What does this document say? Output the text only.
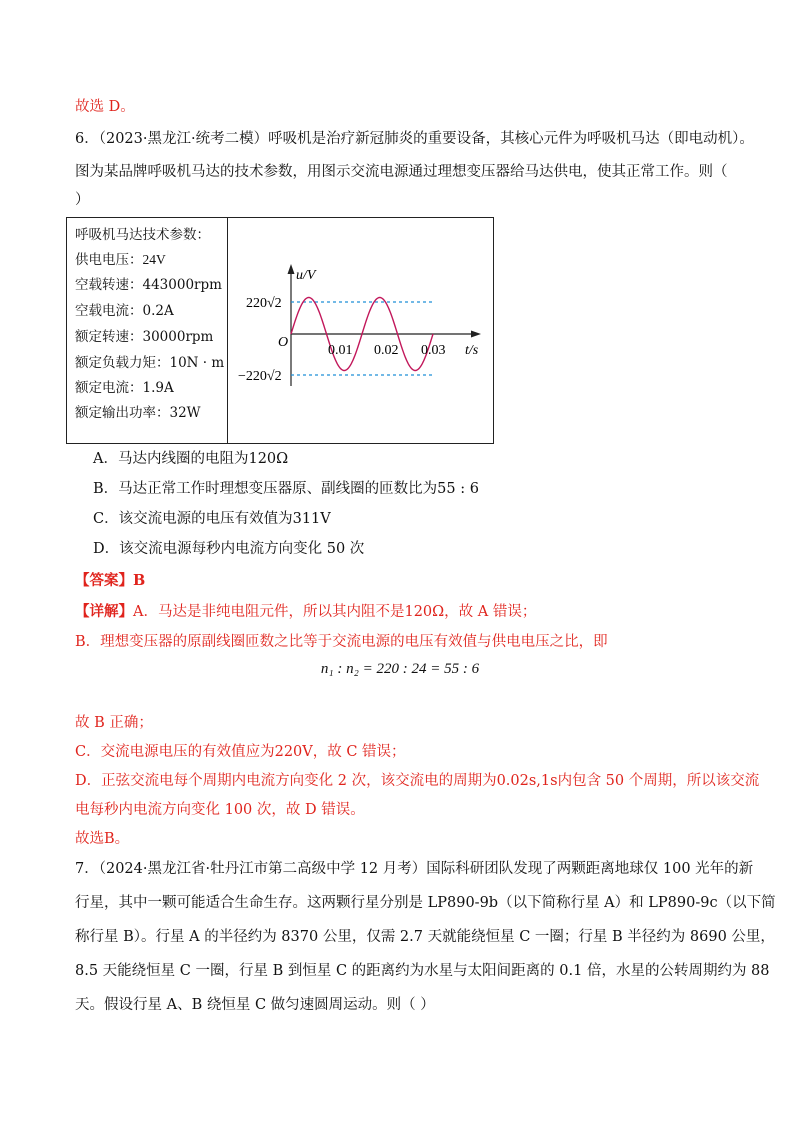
故选 D。
6．（2023·黑龙江·统考二模）呼吸机是治疗新冠肺炎的重要设备，其核心元件为呼吸机马达（即电动机）。
图为某品牌呼吸机马达的技术参数，用图示交流电源通过理想变压器给马达供电，使其正常工作。则（
）
呼吸机马达技术参数：
供电电压：24V
空载转速：443000rpm
空载电流：0.2A
额定转速：30000rpm
额定负载力矩：10N · m
额定电流：1.9A
额定输出功率：32W
u/V
220√2
−220√2
O
0.01 0.02 0.03 t/s
A．马达内线圈的电阻为120Ω
B．马达正常工作时理想变压器原、副线圈的匝数比为55 : 6
C．该交流电源的电压有效值为311V
D．该交流电源每秒内电流方向变化 50 次
【答案】B
【详解】A．马达是非纯电阻元件，所以其内阻不是120Ω，故 A 错误；
B．理想变压器的原副线圈匝数之比等于交流电源的电压有效值与供电电压之比，即
n₁ : n₂ = 220 : 24 = 55 : 6
故 B 正确；
C．交流电源电压的有效值应为220V，故 C 错误；
D．正弦交流电每个周期内电流方向变化 2 次，该交流电的周期为0.02s,1s内包含 50 个周期，所以该交流
电每秒内电流方向变化 100 次，故 D 错误。
故选B。
7．（2024·黑龙江省·牡丹江市第二高级中学 12 月考）国际科研团队发现了两颗距离地球仅 100 光年的新
行星，其中一颗可能适合生命生存。这两颗行星分别是 LP890-9b（以下简称行星 A）和 LP890-9c（以下简
称行星 B）。行星 A 的半径约为 8370 公里，仅需 2.7 天就能绕恒星 C 一圈；行星 B 半径约为 8690 公里，
8.5 天能绕恒星 C 一圈，行星 B 到恒星 C 的距离约为水星与太阳间距离的 0.1 倍，水星的公转周期约为 88
天。假设行星 A、B 绕恒星 C 做匀速圆周运动。则（ ）
